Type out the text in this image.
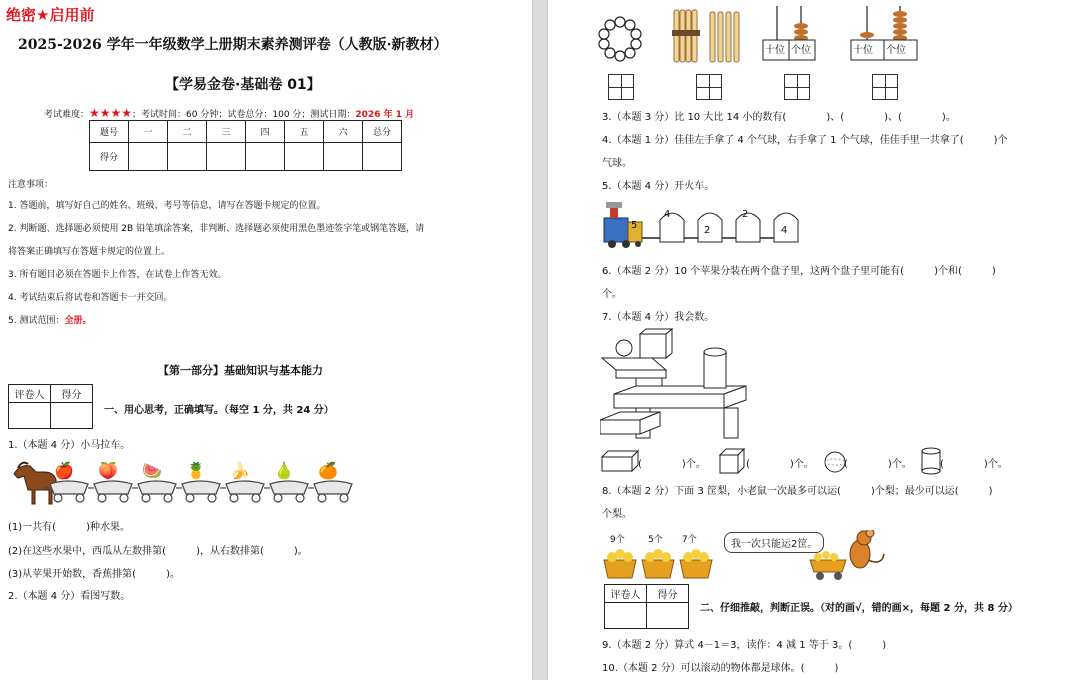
绝密★启用前
2025-2026 学年一年级数学上册期末素养测评卷（人教版·新教材）
【学易金卷·基础卷 01】
考试难度：★★★★；考试时间：60 分钟；试卷总分：100 分；测试日期：2026 年 1 月
题号	一	二	三	四	五	六	总分
得分							
注意事项：
1. 答题前，填写好自己的姓名、班级、考号等信息，请写在答题卡规定的位置。
2. 判断题、选择题必须使用 2B 铅笔填涂答案，非判断、选择题必须使用黑色墨迹签字笔或钢笔答题，请
将答案正确填写在答题卡规定的位置上。
3. 所有题目必须在答题卡上作答，在试卷上作答无效。
4. 考试结束后将试卷和答题卡一并交回。
5. 测试范围：全册。
【第一部分】基础知识与基本能力
评卷人	得分

一、用心思考，正确填写。（每空 1 分，共 24 分）
1.（本题 4 分）小马拉车。
🍎 🍑 🍉 🍍 🍌 🍐 🍊
(1)一共有(　　　)种水果。
(2)在这些水果中，西瓜从左数排第(　　　)，从右数排第(　　　)。
(3)从苹果开始数，香蕉排第(　　　)。
2.（本题 4 分）看图写数。
十位 个位	十位 个位
3.（本题 3 分）比 10 大比 14 小的数有(　　　　)、(　　　　)、(　　　　)。
4.（本题 1 分）佳佳左手拿了 4 个气球，右手拿了 1 个气球，佳佳手里一共拿了(　　　)个
气球。
5.（本题 4 分）开火车。
5
4
2
2
4
6.（本题 2 分）10 个苹果分装在两个盘子里，这两个盘子里可能有(　　　)个和(　　　)
个。
7.（本题 4 分）我会数。
(　　　　)个。	(　　　　)个。	(　　　　)个。	(　　　　)个。
8.（本题 2 分）下面 3 筐梨，小老鼠一次最多可以运(　　　)个梨；最少可以运(　　　)
个梨。
9个	5个 7个	我一次只能运2筐。
评卷人	得分

二、仔细推敲，判断正误。（对的画√，错的画×，每题 2 分，共 8 分）
9.（本题 2 分）算式 4－1＝3，读作：4 减 1 等于 3。(　　　)
10.（本题 2 分）可以滚动的物体都是球体。(　　　)
